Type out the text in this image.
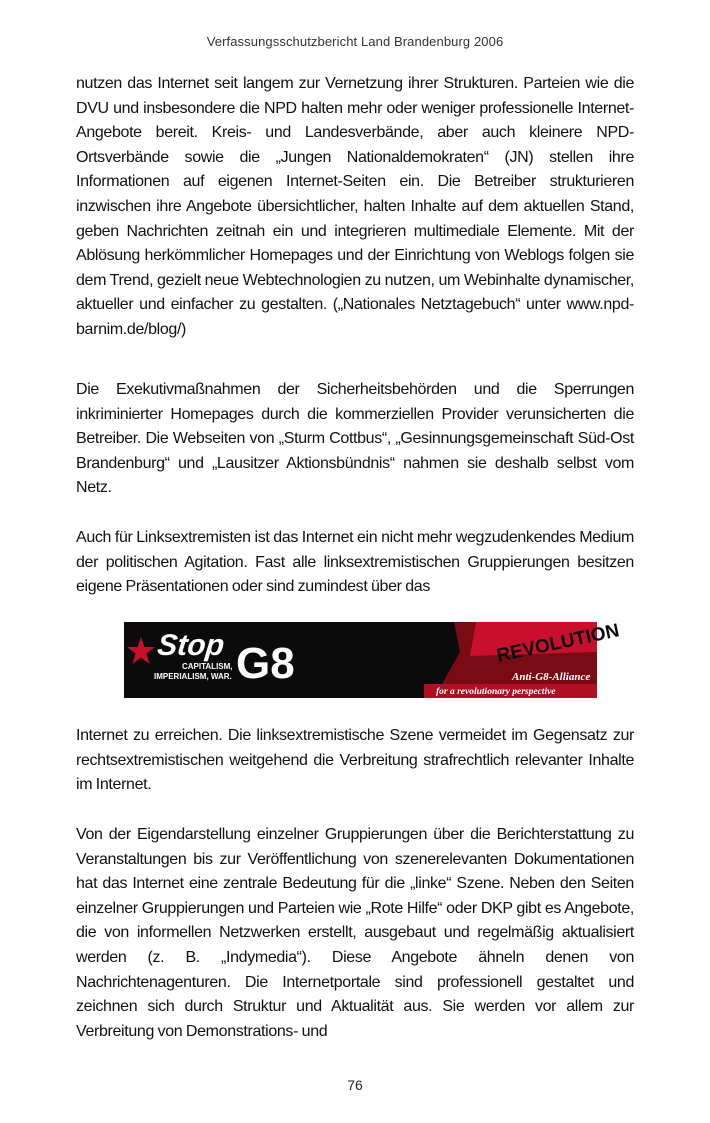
Verfassungsschutzbericht Land Brandenburg 2006

nutzen das Internet seit langem zur Vernetzung ihrer Strukturen. Parteien wie die DVU und insbesondere die NPD halten mehr oder weniger professionelle Internet-Angebote bereit. Kreis- und Landesverbände, aber auch kleinere NPD-Ortsverbände sowie die „Jungen Nationaldemokraten“ (JN) stellen ihre Informationen auf eigenen Internet-Seiten ein. Die Betreiber strukturieren inzwischen ihre Angebote übersichtlicher, halten Inhalte auf dem aktuellen Stand, geben Nachrichten zeitnah ein und integrieren multimediale Elemente. Mit der Ablösung herkömmlicher Homepages und der Einrichtung von Weblogs folgen sie dem Trend, gezielt neue Webtechnologien zu nutzen, um Webinhalte dynamischer, aktueller und einfacher zu gestalten. („Nationales Netztagebuch“ unter www.npd-barnim.de/blog/)

Die Exekutivmaßnahmen der Sicherheitsbehörden und die Sperrungen inkriminierter Homepages durch die kommerziellen Provider verunsicherten die Betreiber. Die Webseiten von „Sturm Cottbus“, „Gesinnungsgemeinschaft Süd-Ost Brandenburg“ und „Lausitzer Aktionsbündnis“ nahmen sie deshalb selbst vom Netz.

Auch für Linksextremisten ist das Internet ein nicht mehr wegzudenkendes Medium der politischen Agitation. Fast alle linksextremistischen Gruppierungen besitzen eigene Präsentationen oder sind zumindest über das

Stop
CAPITALISM,
IMPERIALISM, WAR. G8	REVOLUTION
Anti-G8-Alliance
for a revolutionary perspective

Internet zu erreichen. Die linksextremistische Szene vermeidet im Gegensatz zur rechtsextremistischen weitgehend die Verbreitung strafrechtlich relevanter Inhalte im Internet.

Von der Eigendarstellung einzelner Gruppierungen über die Berichterstattung zu Veranstaltungen bis zur Veröffentlichung von szenerelevanten Dokumentationen hat das Internet eine zentrale Bedeutung für die „linke“ Szene. Neben den Seiten einzelner Gruppierungen und Parteien wie „Rote Hilfe“ oder DKP gibt es Angebote, die von informellen Netzwerken erstellt, ausgebaut und regelmäßig aktualisiert werden (z. B. „Indymedia“). Diese Angebote ähneln denen von Nachrichtenagenturen. Die Internetportale sind professionell gestaltet und zeichnen sich durch Struktur und Aktualität aus. Sie werden vor allem zur Verbreitung von Demonstrations- und

76
